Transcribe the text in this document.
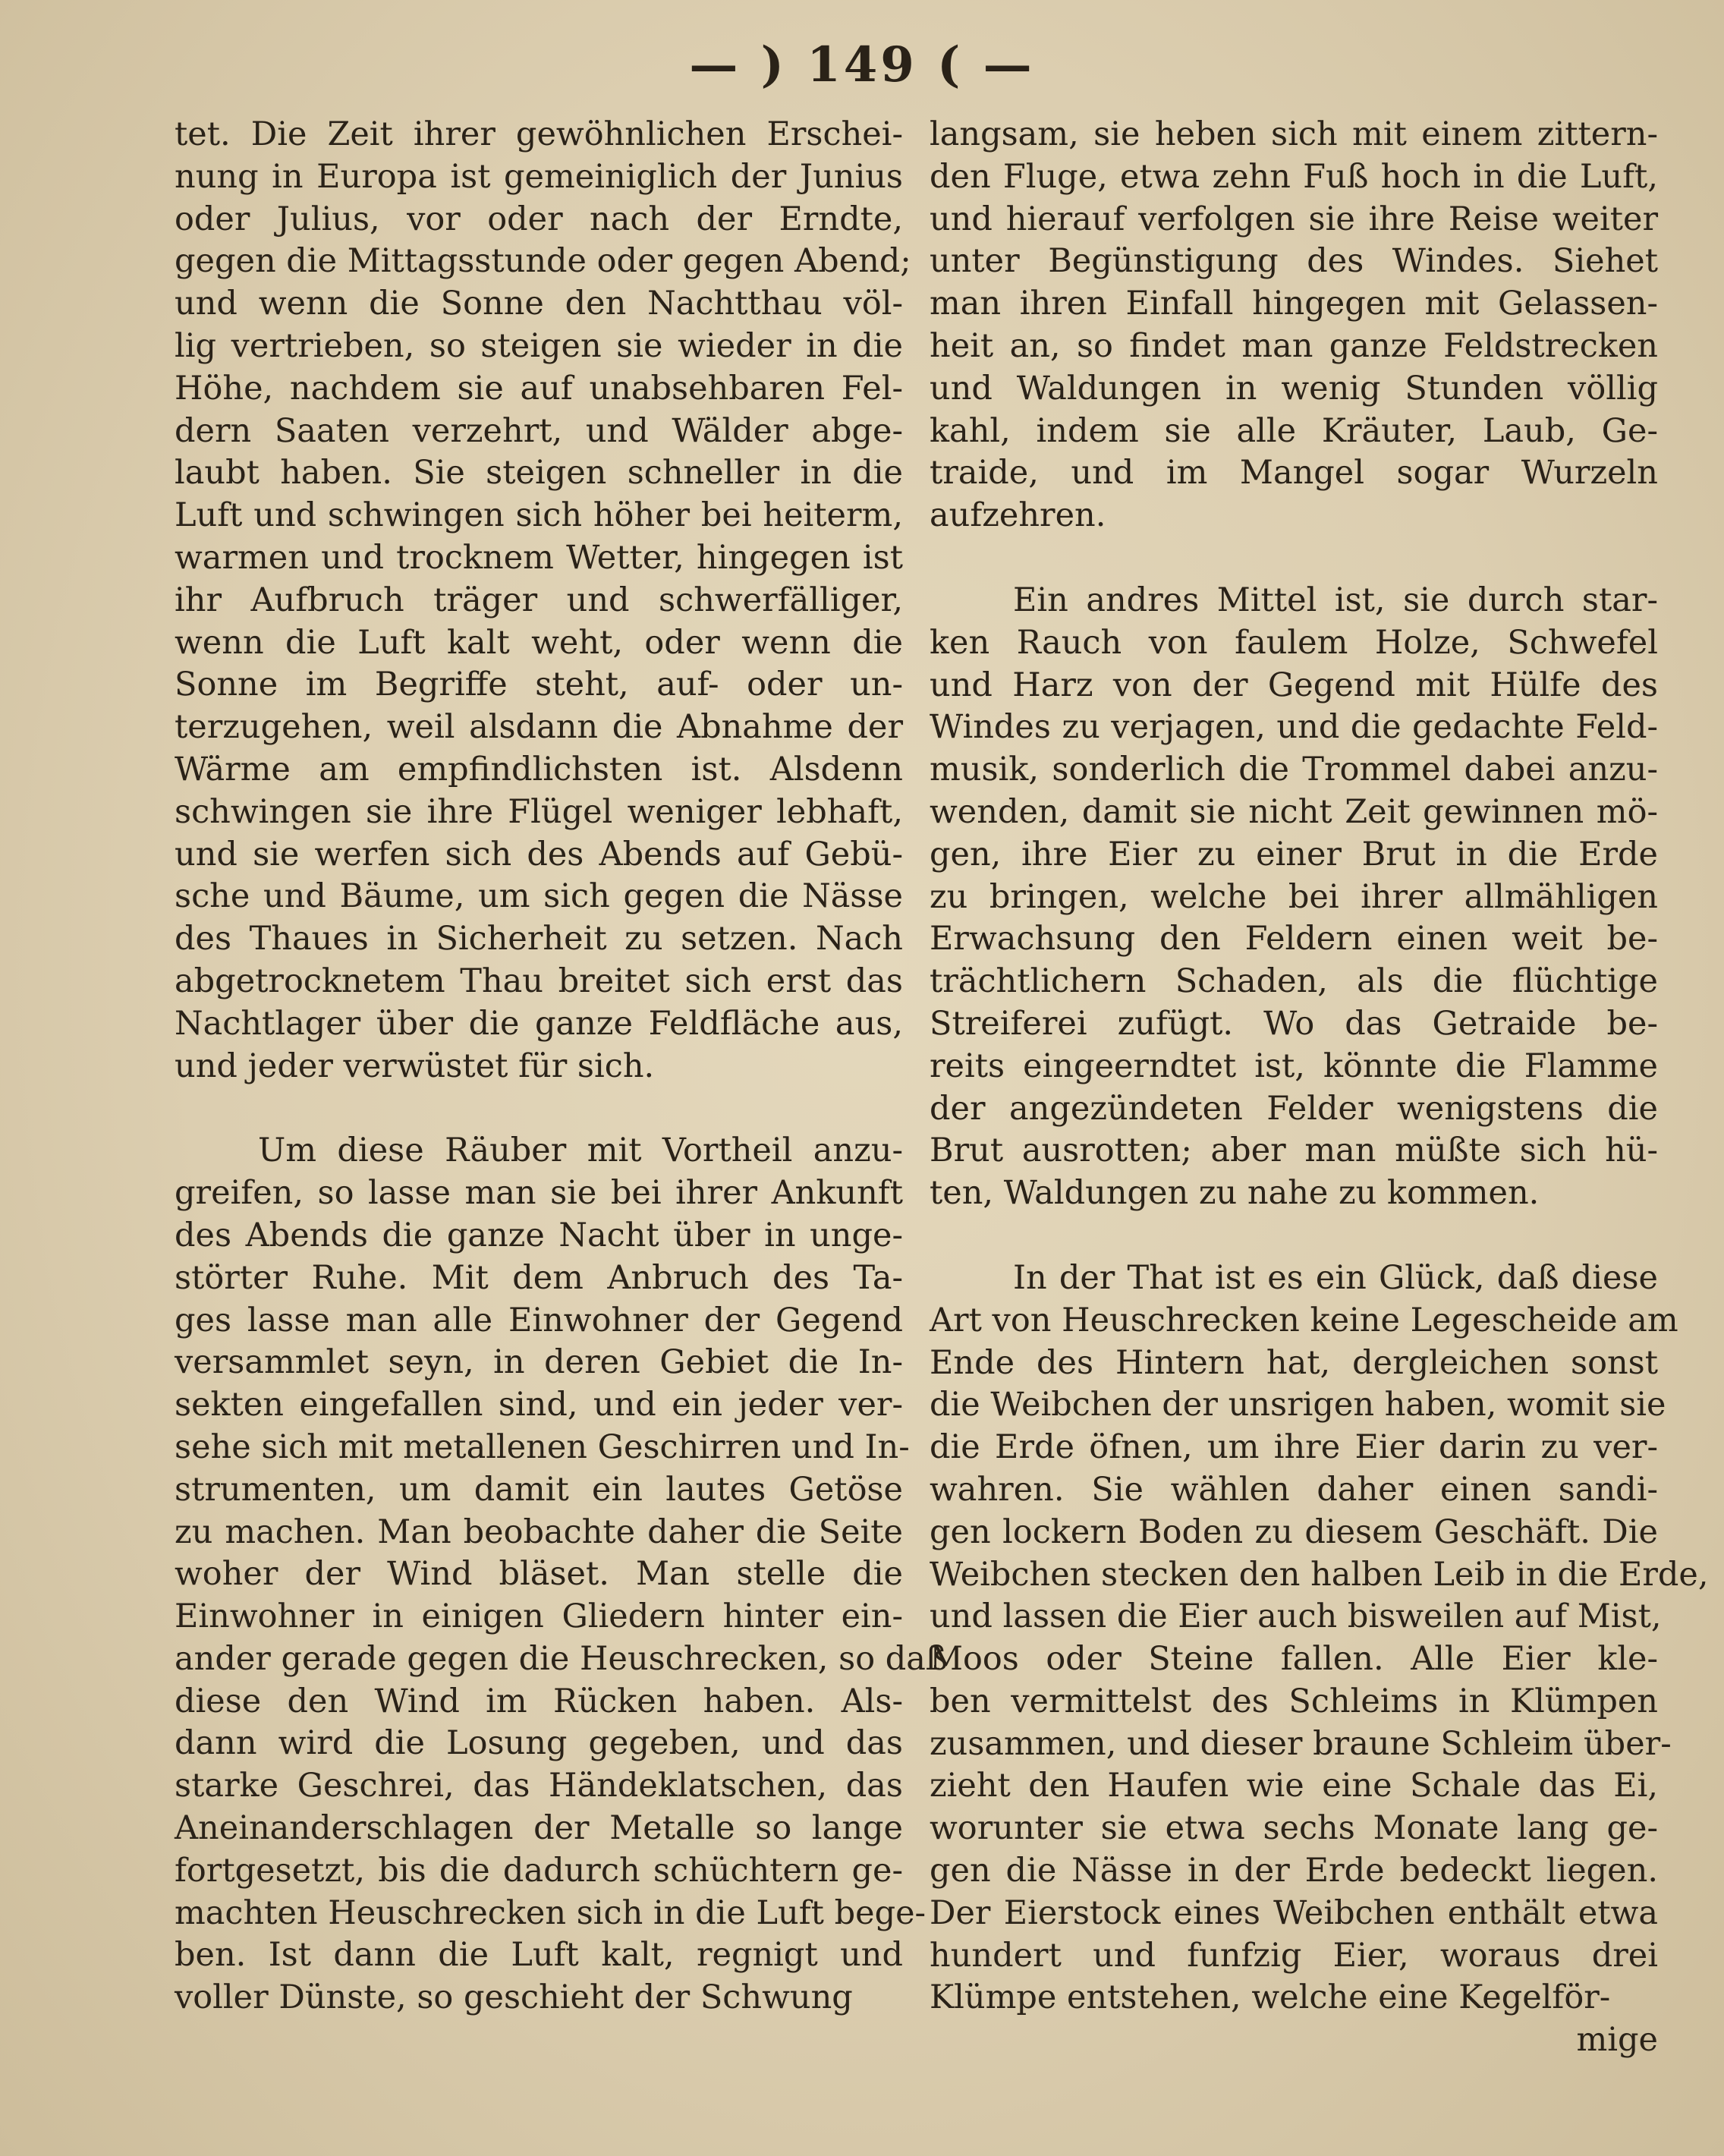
— ) 149 ( —
tet. Die Zeit ihrer gewöhnlichen Erschei-
nung in Europa ist gemeiniglich der Junius
oder Julius, vor oder nach der Erndte,
gegen die Mittagsstunde oder gegen Abend;
und wenn die Sonne den Nachtthau völ-
lig vertrieben, so steigen sie wieder in die
Höhe, nachdem sie auf unabsehbaren Fel-
dern Saaten verzehrt, und Wälder abge-
laubt haben. Sie steigen schneller in die
Luft und schwingen sich höher bei heiterm,
warmen und trocknem Wetter, hingegen ist
ihr Aufbruch träger und schwerfälliger,
wenn die Luft kalt weht, oder wenn die
Sonne im Begriffe steht, auf- oder un-
terzugehen, weil alsdann die Abnahme der
Wärme am empfindlichsten ist. Alsdenn
schwingen sie ihre Flügel weniger lebhaft,
und sie werfen sich des Abends auf Gebü-
sche und Bäume, um sich gegen die Nässe
des Thaues in Sicherheit zu setzen. Nach
abgetrocknetem Thau breitet sich erst das
Nachtlager über die ganze Feldfläche aus,
und jeder verwüstet für sich.
Um diese Räuber mit Vortheil anzu-
greifen, so lasse man sie bei ihrer Ankunft
des Abends die ganze Nacht über in unge-
störter Ruhe. Mit dem Anbruch des Ta-
ges lasse man alle Einwohner der Gegend
versammlet seyn, in deren Gebiet die In-
sekten eingefallen sind, und ein jeder ver-
sehe sich mit metallenen Geschirren und In-
strumenten, um damit ein lautes Getöse
zu machen. Man beobachte daher die Seite
woher der Wind bläset. Man stelle die
Einwohner in einigen Gliedern hinter ein-
ander gerade gegen die Heuschrecken, so daß
diese den Wind im Rücken haben. Als-
dann wird die Losung gegeben, und das
starke Geschrei, das Händeklatschen, das
Aneinanderschlagen der Metalle so lange
fortgesetzt, bis die dadurch schüchtern ge-
machten Heuschrecken sich in die Luft bege-
ben. Ist dann die Luft kalt, regnigt und
voller Dünste, so geschieht der Schwung
langsam, sie heben sich mit einem zittern-
den Fluge, etwa zehn Fuß hoch in die Luft,
und hierauf verfolgen sie ihre Reise weiter
unter Begünstigung des Windes. Siehet
man ihren Einfall hingegen mit Gelassen-
heit an, so findet man ganze Feldstrecken
und Waldungen in wenig Stunden völlig
kahl, indem sie alle Kräuter, Laub, Ge-
traide, und im Mangel sogar Wurzeln
aufzehren.
Ein andres Mittel ist, sie durch star-
ken Rauch von faulem Holze, Schwefel
und Harz von der Gegend mit Hülfe des
Windes zu verjagen, und die gedachte Feld-
musik, sonderlich die Trommel dabei anzu-
wenden, damit sie nicht Zeit gewinnen mö-
gen, ihre Eier zu einer Brut in die Erde
zu bringen, welche bei ihrer allmähligen
Erwachsung den Feldern einen weit be-
trächtlichern Schaden, als die flüchtige
Streiferei zufügt. Wo das Getraide be-
reits eingeerndtet ist, könnte die Flamme
der angezündeten Felder wenigstens die
Brut ausrotten; aber man müßte sich hü-
ten, Waldungen zu nahe zu kommen.
In der That ist es ein Glück, daß diese
Art von Heuschrecken keine Legescheide am
Ende des Hintern hat, dergleichen sonst
die Weibchen der unsrigen haben, womit sie
die Erde öfnen, um ihre Eier darin zu ver-
wahren. Sie wählen daher einen sandi-
gen lockern Boden zu diesem Geschäft. Die
Weibchen stecken den halben Leib in die Erde,
und lassen die Eier auch bisweilen auf Mist,
Moos oder Steine fallen. Alle Eier kle-
ben vermittelst des Schleims in Klümpen
zusammen, und dieser braune Schleim über-
zieht den Haufen wie eine Schale das Ei,
worunter sie etwa sechs Monate lang ge-
gen die Nässe in der Erde bedeckt liegen.
Der Eierstock eines Weibchen enthält etwa
hundert und funfzig Eier, woraus drei
Klümpe entstehen, welche eine Kegelför-
mige
